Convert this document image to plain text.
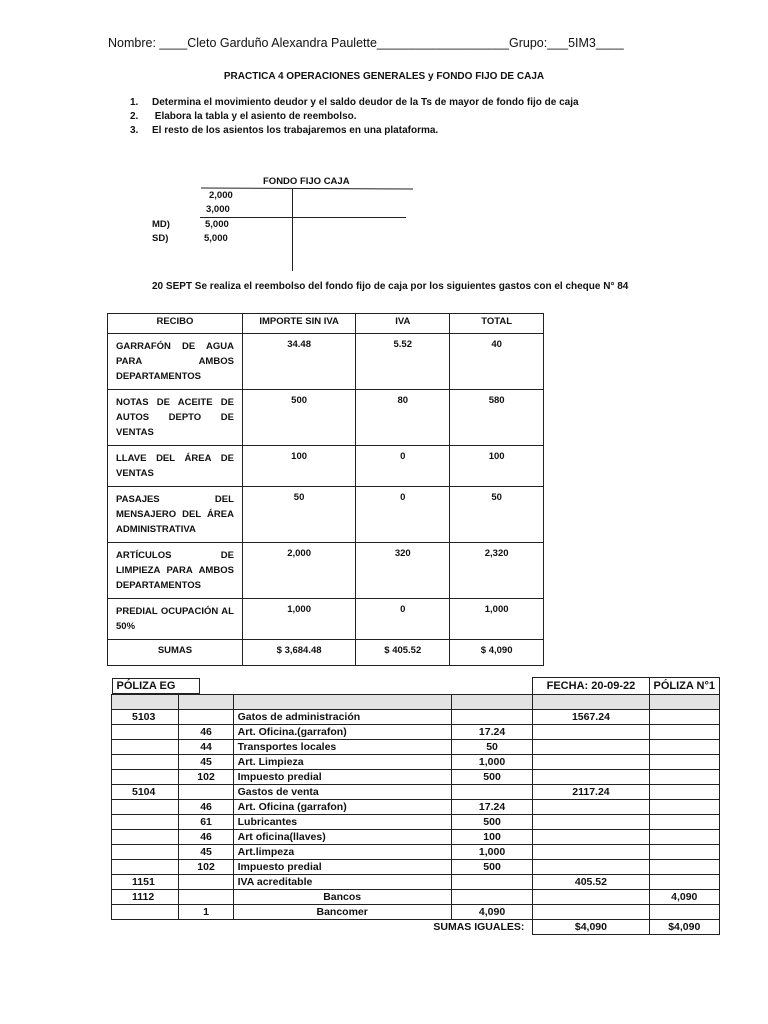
Nombre: ____Cleto Garduño Alexandra Paulette___________________Grupo:___5IM3____
PRACTICA 4 OPERACIONES GENERALES y FONDO FIJO DE CAJA
1. Determina el movimiento deudor y el saldo deudor de la Ts de mayor de fondo fijo de caja
2. Elabora la tabla y el asiento de reembolso.
3. El resto de los asientos los trabajaremos en una plataforma.
FONDO FIJO CAJA
2,000
3,000
MD)	5,000
SD)	5,000
20 SEPT Se realiza el reembolso del fondo fijo de caja por los siguientes gastos con el cheque N° 84
RECIBO	IMPORTE SIN IVA	IVA	TOTAL
GARRAFÓN DE AGUA PARA AMBOS DEPARTAMENTOS	34.48	5.52	40
NOTAS DE ACEITE DE AUTOS DEPTO DE VENTAS	500	80	580
LLAVE DEL ÁREA DE VENTAS	100	0	100
PASAJES DEL MENSAJERO DEL ÁREA ADMINISTRATIVA	50	0	50
ARTÍCULOS DE LIMPIEZA PARA AMBOS DEPARTAMENTOS	2,000	320	2,320
PREDIAL OCUPACIÓN AL 50%	1,000	0	1,000
SUMAS	$ 3,684.48	$ 405.52	$ 4,090
PÓLIZA EG				FECHA: 20-09-22	PÓLIZA N°1

5103		Gatos de administración		1567.24	
	46	Art. Oficina.(garrafon)	17.24		
	44	Transportes locales	50		
	45	Art. Limpieza	1,000		
	102	Impuesto predial	500		
5104		Gastos de venta		2117.24	
	46	Art. Oficina (garrafon)	17.24		
	61	Lubricantes	500		
	46	Art oficina(llaves)	100		
	45	Art.limpeza	1,000		
	102	Impuesto predial	500		
1151		IVA acreditable		405.52	
1112		Bancos			4,090
	1	Bancomer	4,090		

SUMAS IGUALES:				$4,090	$4,090
